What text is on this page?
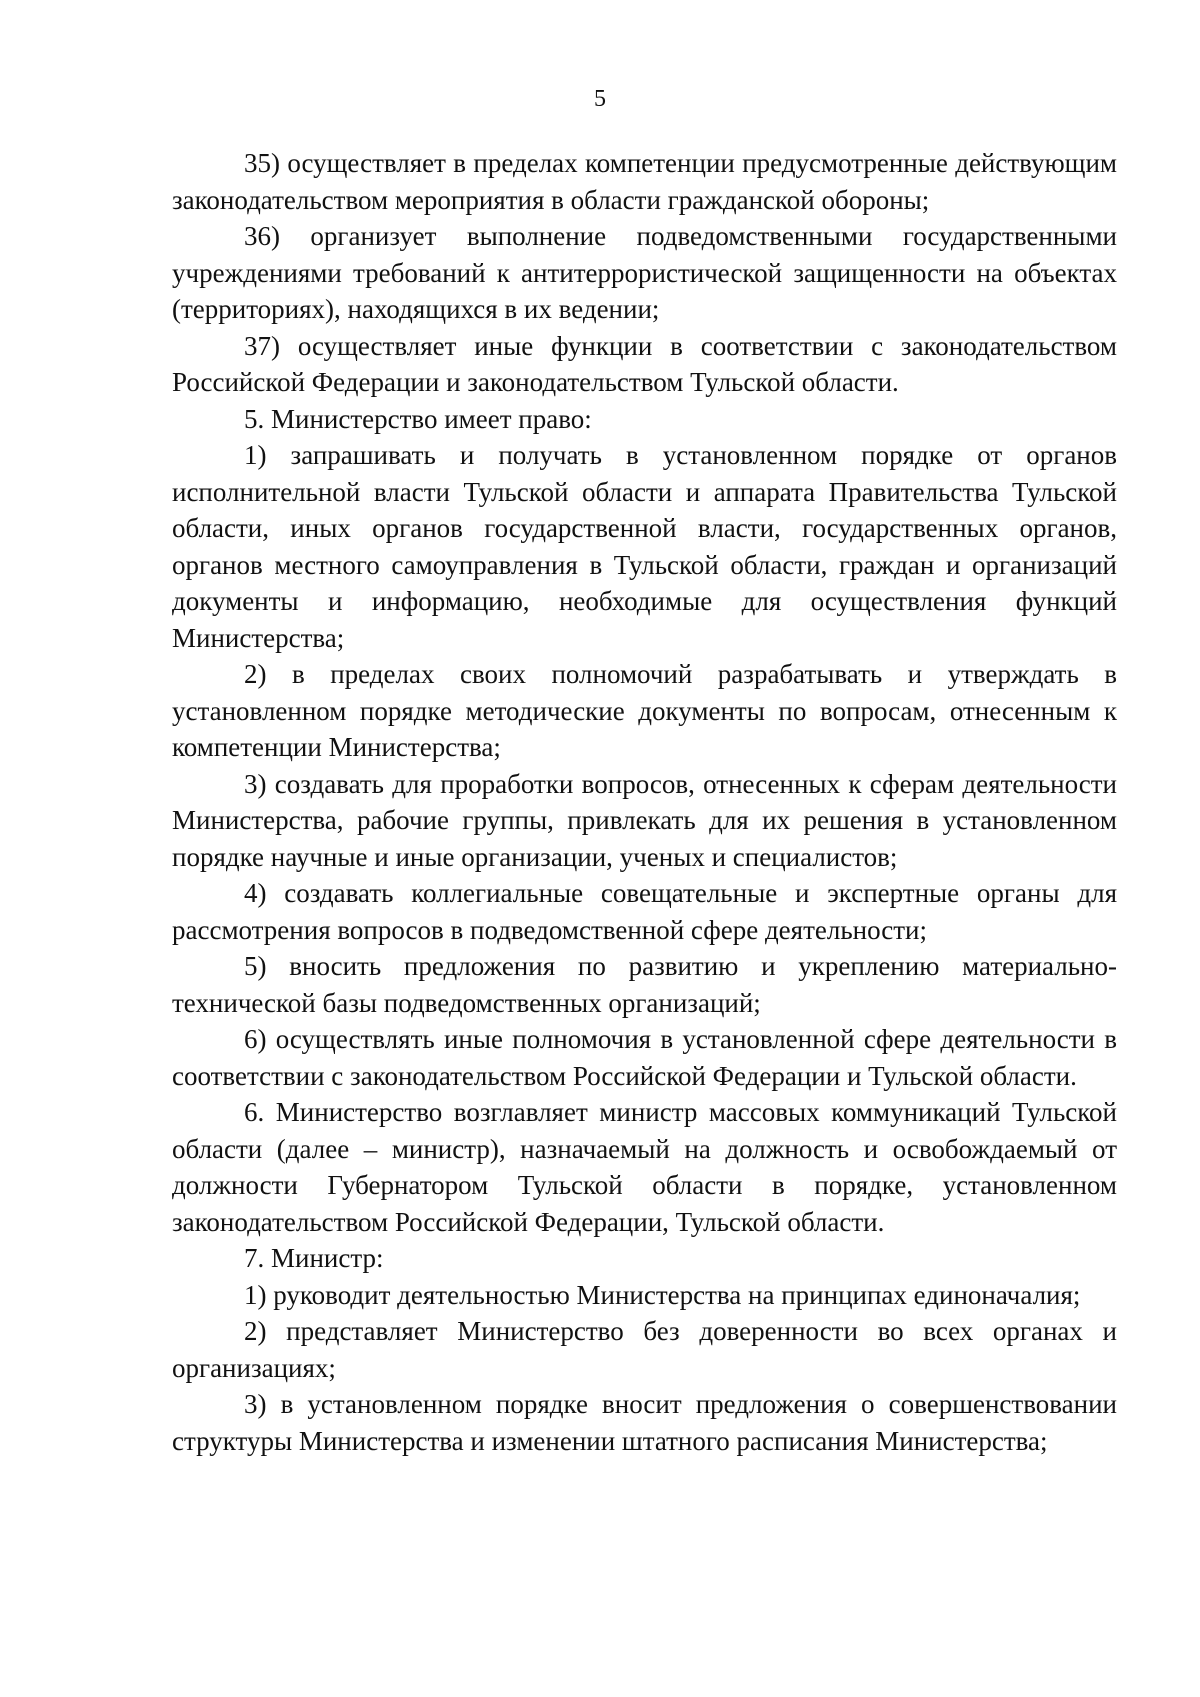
5

35) осуществляет в пределах компетенции предусмотренные действующим законодательством мероприятия в области гражданской обороны;

36) организует выполнение подведомственными государственными учреждениями требований к антитеррористической защищенности на объектах (территориях), находящихся в их ведении;

37) осуществляет иные функции в соответствии с законодательством Российской Федерации и законодательством Тульской области.

5. Министерство имеет право:

1) запрашивать и получать в установленном порядке от органов исполнительной власти Тульской области и аппарата Правительства Тульской области, иных органов государственной власти, государственных органов, органов местного самоуправления в Тульской области, граждан и организаций документы и информацию, необходимые для осуществления функций Министерства;

2) в пределах своих полномочий разрабатывать и утверждать в установленном порядке методические документы по вопросам, отнесенным к компетенции Министерства;

3) создавать для проработки вопросов, отнесенных к сферам деятельности Министерства, рабочие группы, привлекать для их решения в установленном порядке научные и иные организации, ученых и специалистов;

4) создавать коллегиальные совещательные и экспертные органы для рассмотрения вопросов в подведомственной сфере деятельности;

5) вносить предложения по развитию и укреплению материально-технической базы подведомственных организаций;

6) осуществлять иные полномочия в установленной сфере деятельности в соответствии с законодательством Российской Федерации и Тульской области.

6. Министерство возглавляет министр массовых коммуникаций Тульской области (далее – министр), назначаемый на должность и освобождаемый от должности Губернатором Тульской области в порядке, установленном законодательством Российской Федерации, Тульской области.

7. Министр:

1) руководит деятельностью Министерства на принципах единоначалия;

2) представляет Министерство без доверенности во всех органах и организациях;

3) в установленном порядке вносит предложения о совершенствовании структуры Министерства и изменении штатного расписания Министерства;
